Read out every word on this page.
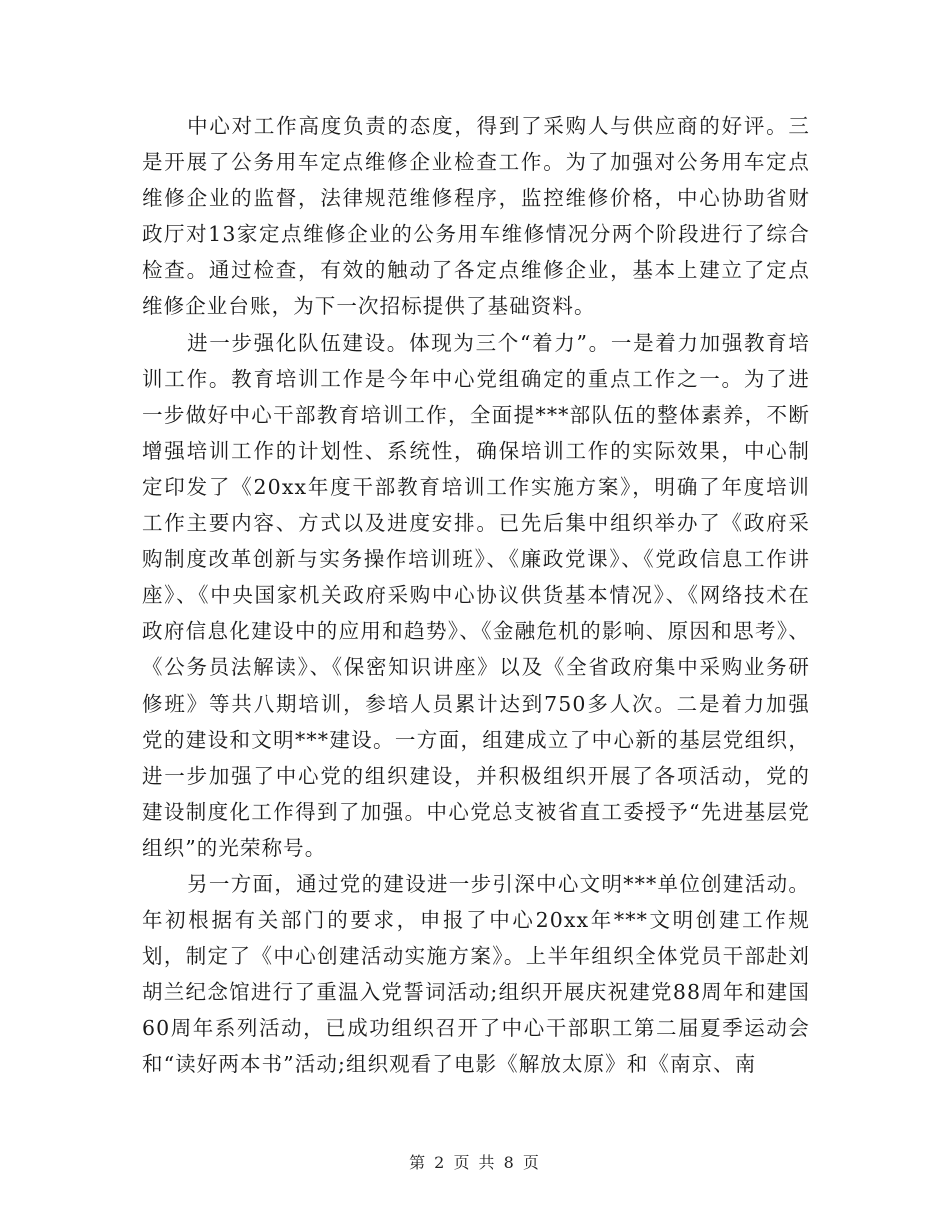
中心对工作高度负责的态度，得到了采购人与供应商的好评。三是开展了公务用车定点维修企业检查工作。为了加强对公务用车定点维修企业的监督，法律规范维修程序，监控维修价格，中心协助省财政厅对13家定点维修企业的公务用车维修情况分两个阶段进行了综合检查。通过检查，有效的触动了各定点维修企业，基本上建立了定点维修企业台账，为下一次招标提供了基础资料。

进一步强化队伍建设。体现为三个“着力”。一是着力加强教育培训工作。教育培训工作是今年中心党组确定的重点工作之一。为了进一步做好中心干部教育培训工作，全面提***部队伍的整体素养，不断增强培训工作的计划性、系统性，确保培训工作的实际效果，中心制定印发了《20xx年度干部教育培训工作实施方案》，明确了年度培训工作主要内容、方式以及进度安排。已先后集中组织举办了《政府采购制度改革创新与实务操作培训班》、《廉政党课》、《党政信息工作讲座》、《中央国家机关政府采购中心协议供货基本情况》、《网络技术在政府信息化建设中的应用和趋势》、《金融危机的影响、原因和思考》、《公务员法解读》、《保密知识讲座》以及《全省政府集中采购业务研修班》等共八期培训，参培人员累计达到750多人次。二是着力加强党的建设和文明***建设。一方面，组建成立了中心新的基层党组织，进一步加强了中心党的组织建设，并积极组织开展了各项活动，党的建设制度化工作得到了加强。中心党总支被省直工委授予“先进基层党组织”的光荣称号。

另一方面，通过党的建设进一步引深中心文明***单位创建活动。年初根据有关部门的要求，申报了中心20xx年***文明创建工作规划，制定了《中心创建活动实施方案》。上半年组织全体党员干部赴刘胡兰纪念馆进行了重温入党誓词活动;组织开展庆祝建党88周年和建国60周年系列活动，已成功组织召开了中心干部职工第二届夏季运动会和“读好两本书”活动;组织观看了电影《解放太原》和《南京、南

第 2 页 共 8 页
